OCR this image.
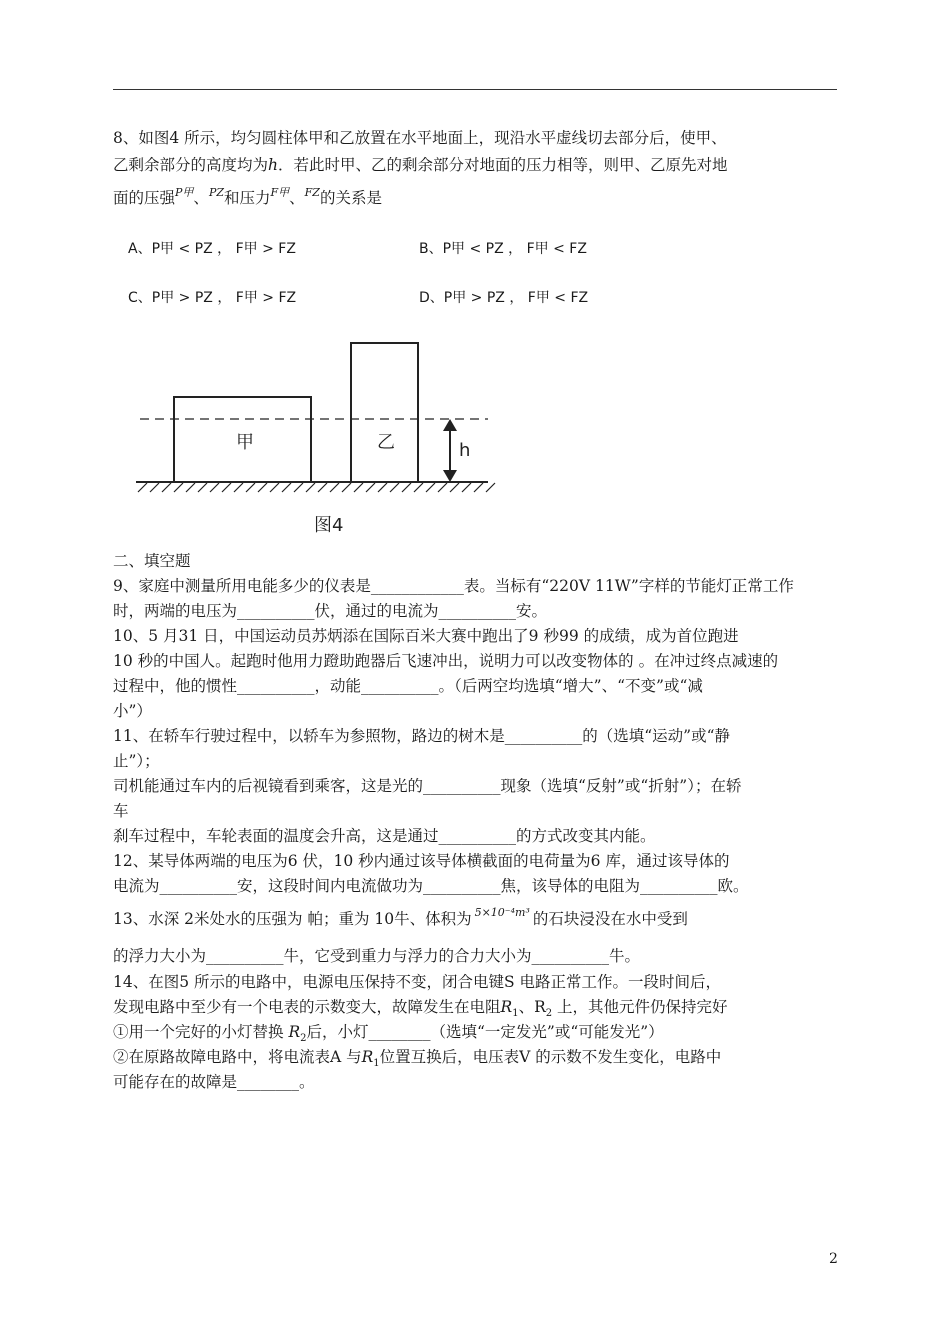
8、如图4 所示，均匀圆柱体甲和乙放置在水平地面上，现沿水平虚线切去部分后，使甲、
乙剩余部分的高度均为h．若此时甲、乙的剩余部分对地面的压力相等，则甲、乙原先对地
面的压强$^{P甲}$、$^{PZ}$和压力$^{F甲}$、$^{FZ}$的关系是
A、P甲 < PZ ， F甲 > FZ	B、P甲 < PZ ， F甲 < FZ
C、P甲 > PZ ， F甲 > FZ	D、P甲 > PZ ， F甲 < FZ
甲	乙	h
图4
二、填空题
9、家庭中测量所用电能多少的仪表是____________表。当标有“220V 11W”字样的节能灯正常工作
时，两端的电压为__________伏，通过的电流为__________安。
10、5 月31 日，中国运动员苏炳添在国际百米大赛中跑出了9 秒99 的成绩，成为首位跑进
10 秒的中国人。起跑时他用力蹬助跑器后飞速冲出，说明力可以改变物体的 。在冲过终点减速的
过程中，他的惯性__________，动能__________。（后两空均选填“增大”、“不变”或“减
小”）
11、在轿车行驶过程中，以轿车为参照物，路边的树木是__________的（选填“运动”或“静
止”）；
司机能通过车内的后视镜看到乘客，这是光的__________现象（选填“反射”或“折射”）；在轿
车
刹车过程中，车轮表面的温度会升高，这是通过__________的方式改变其内能。
12、某导体两端的电压为6 伏，10 秒内通过该导体横截面的电荷量为6 库，通过该导体的
电流为__________安，这段时间内电流做功为__________焦，该导体的电阻为__________欧。
13、水深 2米处水的压强为 帕；重为 10牛、体积为 $^{5\times 10^{-4}m^3}$ 的石块浸没在水中受到
的浮力大小为__________牛，它受到重力与浮力的合力大小为__________牛。
14、在图5 所示的电路中，电源电压保持不变，闭合电键S 电路正常工作。一段时间后，
发现电路中至少有一个电表的示数变大，故障发生在电阻$R_1$、$R_2$ 上，其他元件仍保持完好
①用一个完好的小灯替换 $R_2$后，小灯________（选填“一定发光”或“可能发光”）
②在原路故障电路中，将电流表A 与$R_1$位置互换后，电压表V 的示数不发生变化，电路中
可能存在的故障是________。
2
